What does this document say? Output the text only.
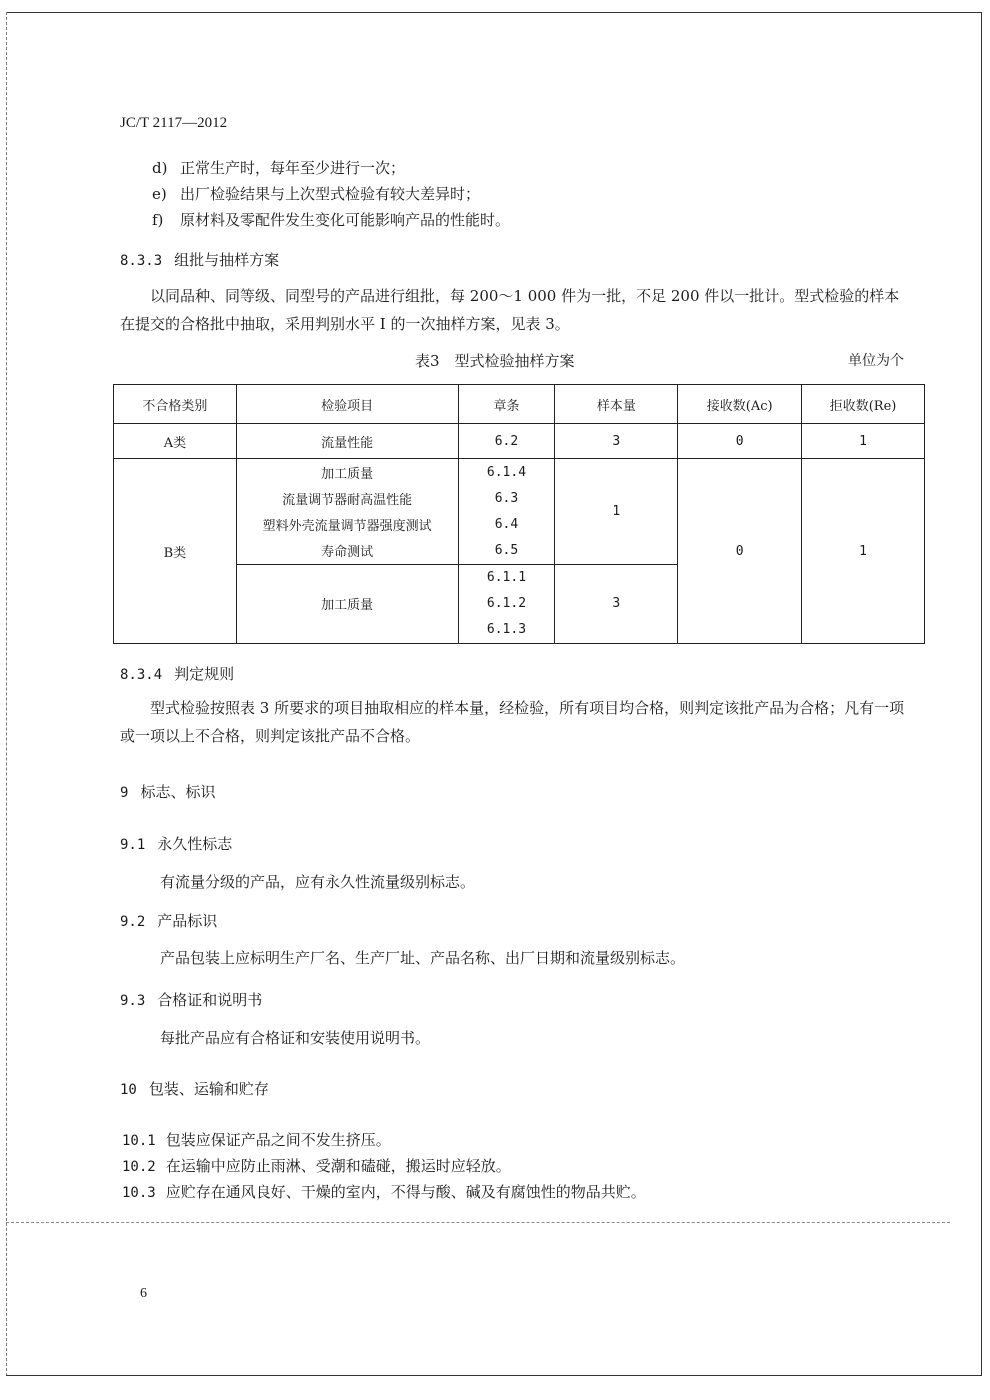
JC/T 2117—2012
d) 正常生产时，每年至少进行一次；
e) 出厂检验结果与上次型式检验有较大差异时；
f) 原材料及零配件发生变化可能影响产品的性能时。
8.3.3 组批与抽样方案
以同品种、同等级、同型号的产品进行组批，每 200～1 000 件为一批，不足 200 件以一批计。型式检验的样本在提交的合格批中抽取，采用判别水平 I 的一次抽样方案，见表 3。
表3　型式检验抽样方案	单位为个
不合格类别	检验项目	章条	样本量	接收数(Ac)	拒收数(Re)
A类	流量性能	6.2	3	0	1
B类	加工质量	6.1.4	1	0	1
	流量调节器耐高温性能	6.3			
	塑料外壳流量调节器强度测试	6.4			
	寿命测试	6.5			
	加工质量	6.1.1	3		
		6.1.2			
		6.1.3			
8.3.4 判定规则
型式检验按照表 3 所要求的项目抽取相应的样本量，经检验，所有项目均合格，则判定该批产品为合格；凡有一项或一项以上不合格，则判定该批产品不合格。
9 标志、标识
9.1 永久性标志
有流量分级的产品，应有永久性流量级别标志。
9.2 产品标识
产品包装上应标明生产厂名、生产厂址、产品名称、出厂日期和流量级别标志。
9.3 合格证和说明书
每批产品应有合格证和安装使用说明书。
10 包装、运输和贮存
10.1 包装应保证产品之间不发生挤压。
10.2 在运输中应防止雨淋、受潮和磕碰，搬运时应轻放。
10.3 应贮存在通风良好、干燥的室内，不得与酸、碱及有腐蚀性的物品共贮。
6
